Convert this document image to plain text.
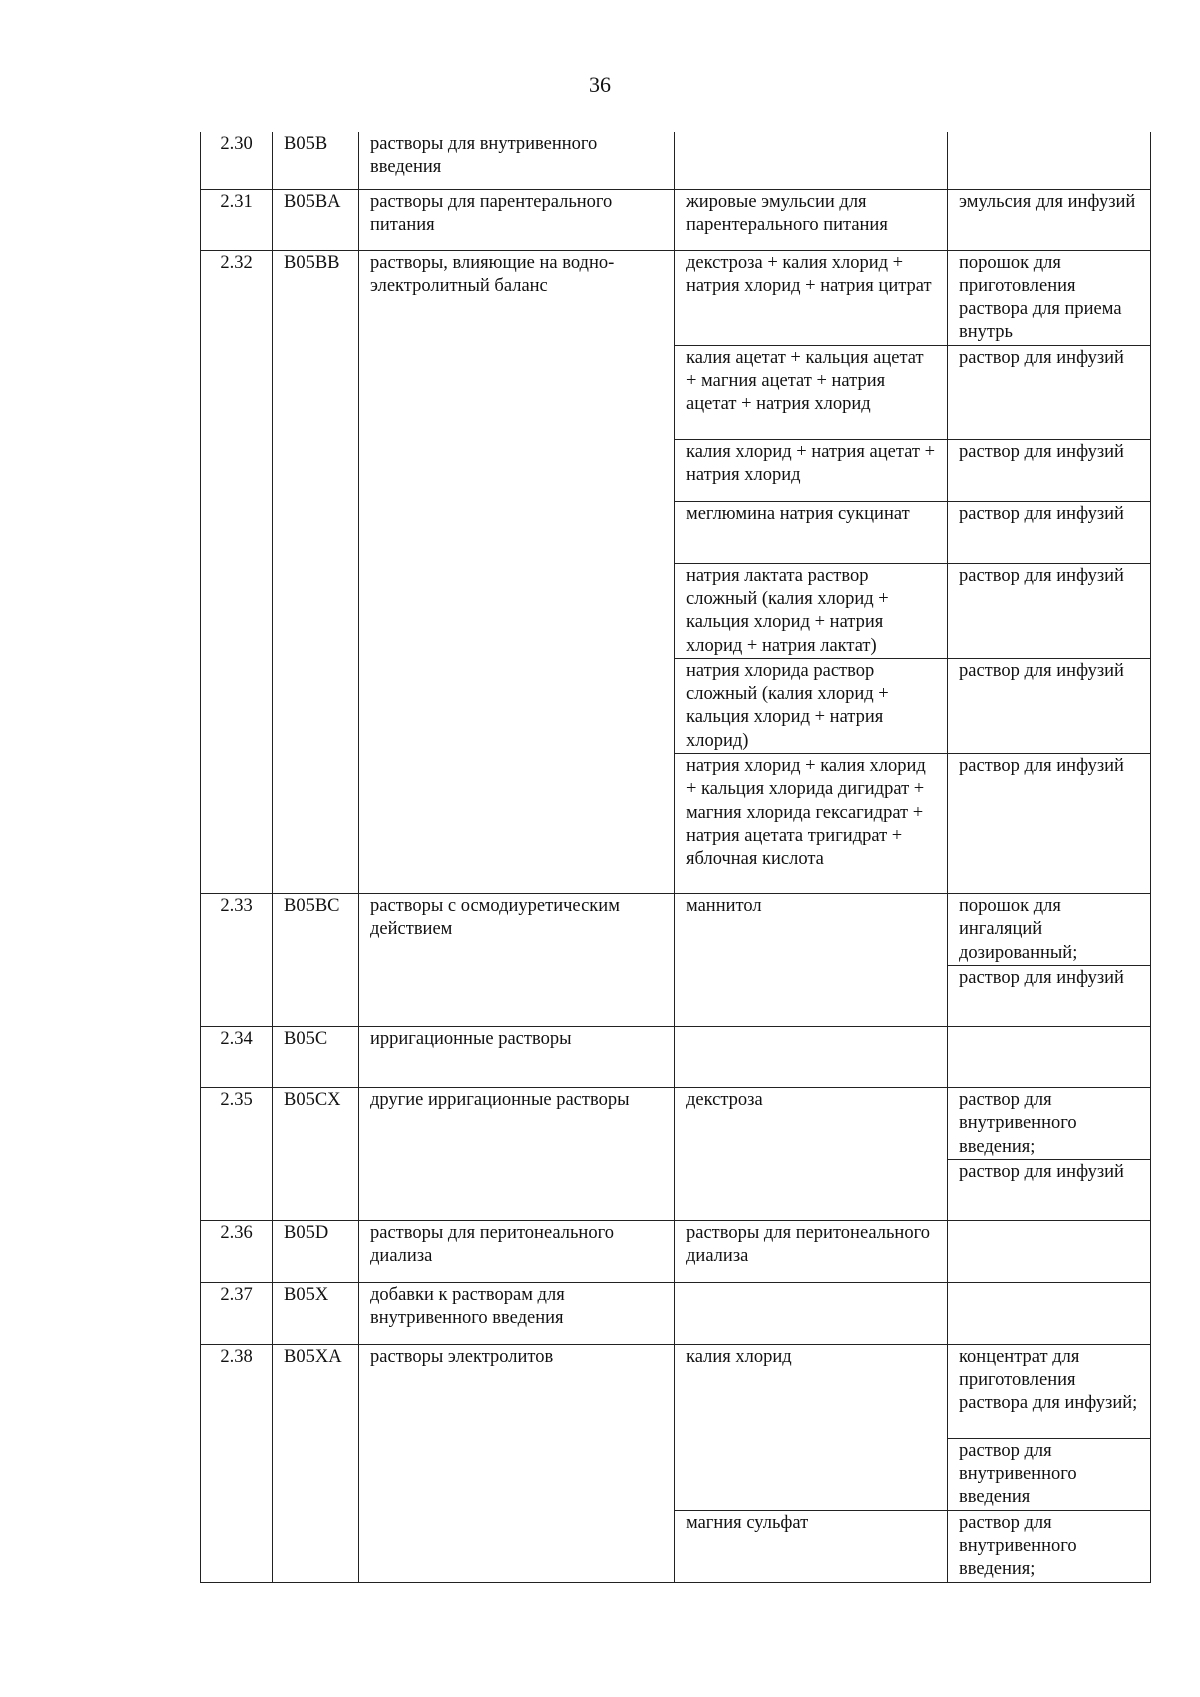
36
2.30	B05B	растворы для внутривенного введения		
2.31	B05BA	растворы для парентерального питания	жировые эмульсии для парентерального питания	эмульсия для инфузий
2.32	B05BB	растворы, влияющие на водно-электролитный баланс	декстроза + калия хлорид + натрия хлорид + натрия цитрат	порошок для приготовления раствора для приема внутрь
			калия ацетат + кальция ацетат + магния ацетат + натрия ацетат + натрия хлорид	раствор для инфузий
			калия хлорид + натрия ацетат + натрия хлорид	раствор для инфузий
			меглюмина натрия сукцинат	раствор для инфузий
			натрия лактата раствор сложный (калия хлорид + кальция хлорид + натрия хлорид + натрия лактат)	раствор для инфузий
			натрия хлорида раствор сложный (калия хлорид + кальция хлорид + натрия хлорид)	раствор для инфузий
			натрия хлорид + калия хлорид + кальция хлорида дигидрат + магния хлорида гексагидрат + натрия ацетата тригидрат + яблочная кислота	раствор для инфузий
2.33	B05BC	растворы с осмодиуретическим действием	маннитол	порошок для ингаляций дозированный;
				раствор для инфузий
2.34	B05C	ирригационные растворы		
2.35	B05CX	другие ирригационные растворы	декстроза	раствор для внутривенного введения;
				раствор для инфузий
2.36	B05D	растворы для перитонеального диализа	растворы для перитонеального диализа	
2.37	B05X	добавки к растворам для внутривенного введения		
2.38	B05XA	растворы электролитов	калия хлорид	концентрат для приготовления раствора для инфузий;
				раствор для внутривенного введения
			магния сульфат	раствор для внутривенного введения;
